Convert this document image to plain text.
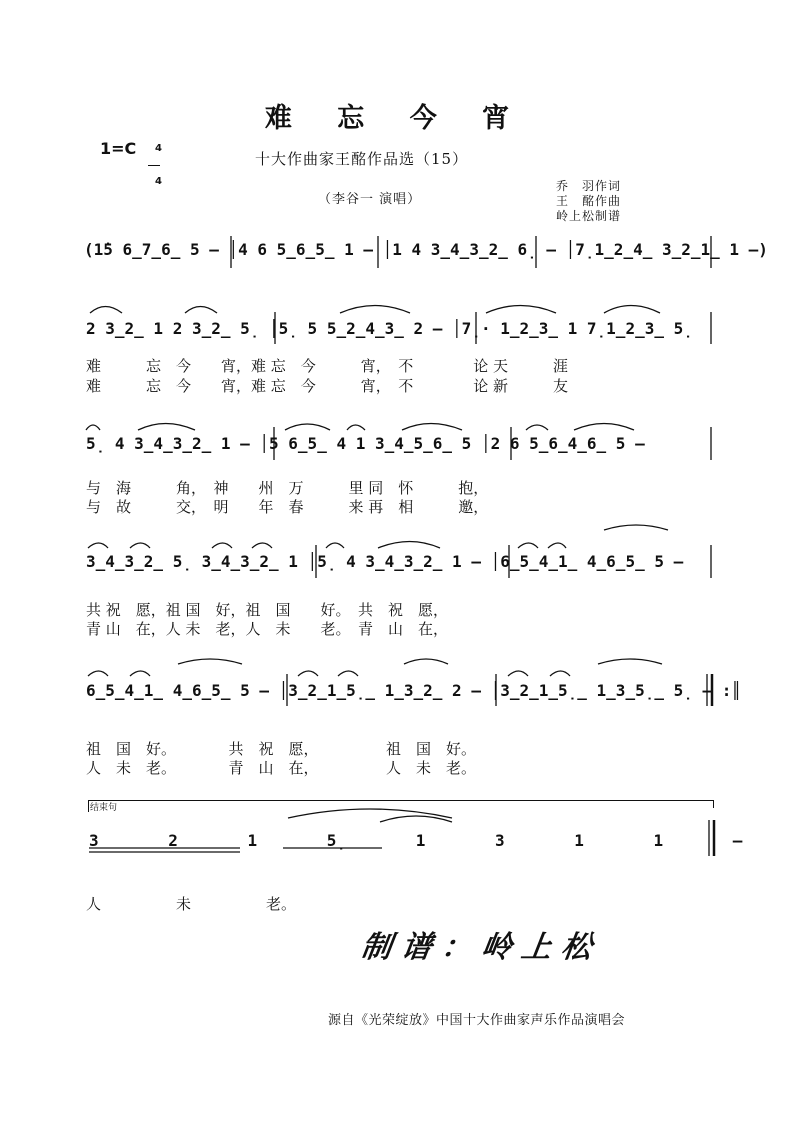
难 忘 今 宵
1=C	4

4

十大作曲家王酩作品选（15）
（李谷一 演唱）
乔　羽作词
王　酩作曲
岭上松制谱
(1̇5 6̲7̲6̲ 5 – │4 6 5̲6̲5̲ 1 – │1 4 3̲4̲3̲2̲ 6̣ – │7̣1̲2̲4̲ 3̲2̲1̲ 1 –)
2 3̲2̲ 1 2 3̲2̲ 5̣ │5̣ 5 5̲2̲4̲3̲ 2 – │7̣· 1̲2̲3̲ 1 7̣1̲2̲3̲ 5̣
难　　　忘　今　　宵，难 忘　今　　　宵，　不　　　　论 天　　　涯
难　　　忘　今　　宵，难 忘　今　　　宵，　不　　　　论 新　　　友
5̣ 4 3̲4̲3̲2̲ 1 – │5 6̲5̲ 4 1 3̲4̲5̲6̲ 5 │2 6 5̲6̲4̲6̲ 5 –
与　海　　　角，　神　　州　万　　　里 同　怀　　　抱，
与　故　　　交，　明　　年　春　　　来 再　相　　　邀，
3̲4̲3̲2̲ 5̣ 3̲4̲3̲2̲ 1 │5̣ 4 3̲4̲3̲2̲ 1 – │6̲5̲4̲1̲ 4̲6̲5̲ 5 –
共 祝　愿，祖 国　好，祖　国　　好。　共　祝　愿，
青 山　在，人 未　老，人　未　　老。　青　山　在，
6̲5̲4̲1̲ 4̲6̲5̲ 5 – │3̲2̲1̲5̣̲ 1̲3̲2̲ 2 – │3̲2̲1̲5̣̲ 1̲3̲5̣̲ 5̣ – :║
祖　国　好。　　　　共　祝　愿，　　　　　祖　国　好。
人　未　老。　　　　青　山　在，　　　　　人　未　老。
结束句
3 2 1 5̣ 1 3 1 1 –
人　　　　　未　　　　　老。
制谱：岭上松
源自《光荣绽放》中国十大作曲家声乐作品演唱会
